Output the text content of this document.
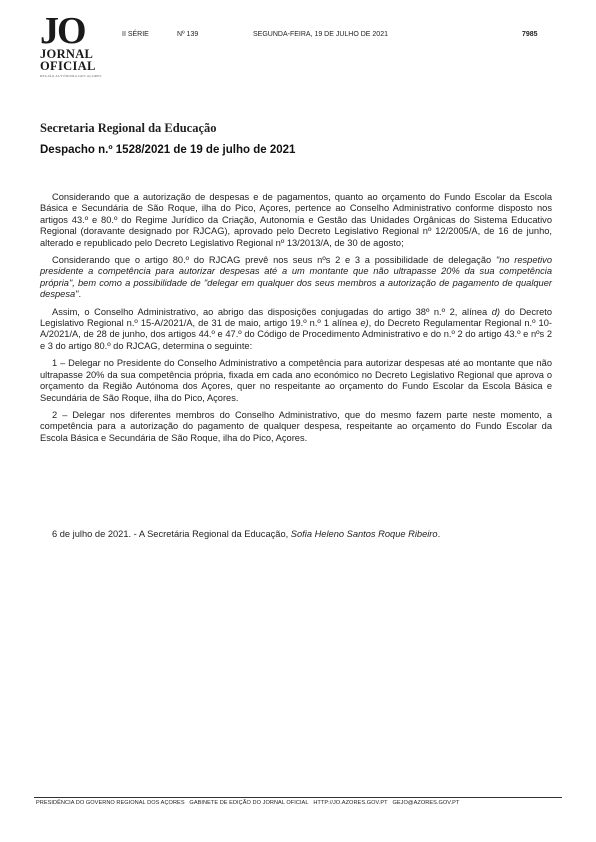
JO
JORNAL
OFICIAL
REGIÃO AUTÓNOMA DOS AÇORES
II SÉRIE	Nº 139	SEGUNDA-FEIRA, 19 DE JULHO DE 2021	7985
Secretaria Regional da Educação
Despacho n.º 1528/2021 de 19 de julho de 2021

Considerando que a autorização de despesas e de pagamentos, quanto ao orçamento do Fundo Escolar da Escola Básica e Secundária de São Roque, ilha do Pico, Açores, pertence ao Conselho Administrativo conforme disposto nos artigos 43.º e 80.º do Regime Jurídico da Criação, Autonomia e Gestão das Unidades Orgânicas do Sistema Educativo Regional (doravante designado por RJCAG), aprovado pelo Decreto Legislativo Regional nº 12/2005/A, de 16 de junho, alterado e republicado pelo Decreto Legislativo Regional nº 13/2013/A, de 30 de agosto;

Considerando que o artigo 80.º do RJCAG prevê nos seus nºs 2 e 3 a possibilidade de delegação "no respetivo presidente a competência para autorizar despesas até a um montante que não ultrapasse 20% da sua competência própria", bem como a possibilidade de "delegar em qualquer dos seus membros a autorização de pagamento de qualquer despesa".

Assim, o Conselho Administrativo, ao abrigo das disposições conjugadas do artigo 38º n.º 2, alínea d) do Decreto Legislativo Regional n.º 15-A/2021/A, de 31 de maio, artigo 19.º n.º 1 alínea e), do Decreto Regulamentar Regional n.º 10-A/2021/A, de 28 de junho, dos artigos 44.º e 47.º do Código de Procedimento Administrativo e do n.º 2 do artigo 43.º e nºs 2 e 3 do artigo 80.º do RJCAG, determina o seguinte:

1 – Delegar no Presidente do Conselho Administrativo a competência para autorizar despesas até ao montante que não ultrapasse 20% da sua competência própria, fixada em cada ano económico no Decreto Legislativo Regional que aprova o orçamento da Região Autónoma dos Açores, quer no respeitante ao orçamento do Fundo Escolar da Escola Básica e Secundária de São Roque, ilha do Pico, Açores.

2 – Delegar nos diferentes membros do Conselho Administrativo, que do mesmo fazem parte neste momento, a competência para a autorização do pagamento de qualquer despesa, respeitante ao orçamento do Fundo Escolar da Escola Básica e Secundária de São Roque, ilha do Pico, Açores.

6 de julho de 2021. - A Secretária Regional da Educação, Sofia Heleno Santos Roque Ribeiro.
PRESIDÊNCIA DO GOVERNO REGIONAL DOS AÇORES GABINETE DE EDIÇÃO DO JORNAL OFICIAL HTTP://JO.AZORES.GOV.PT GEJO@AZORES.GOV.PT
